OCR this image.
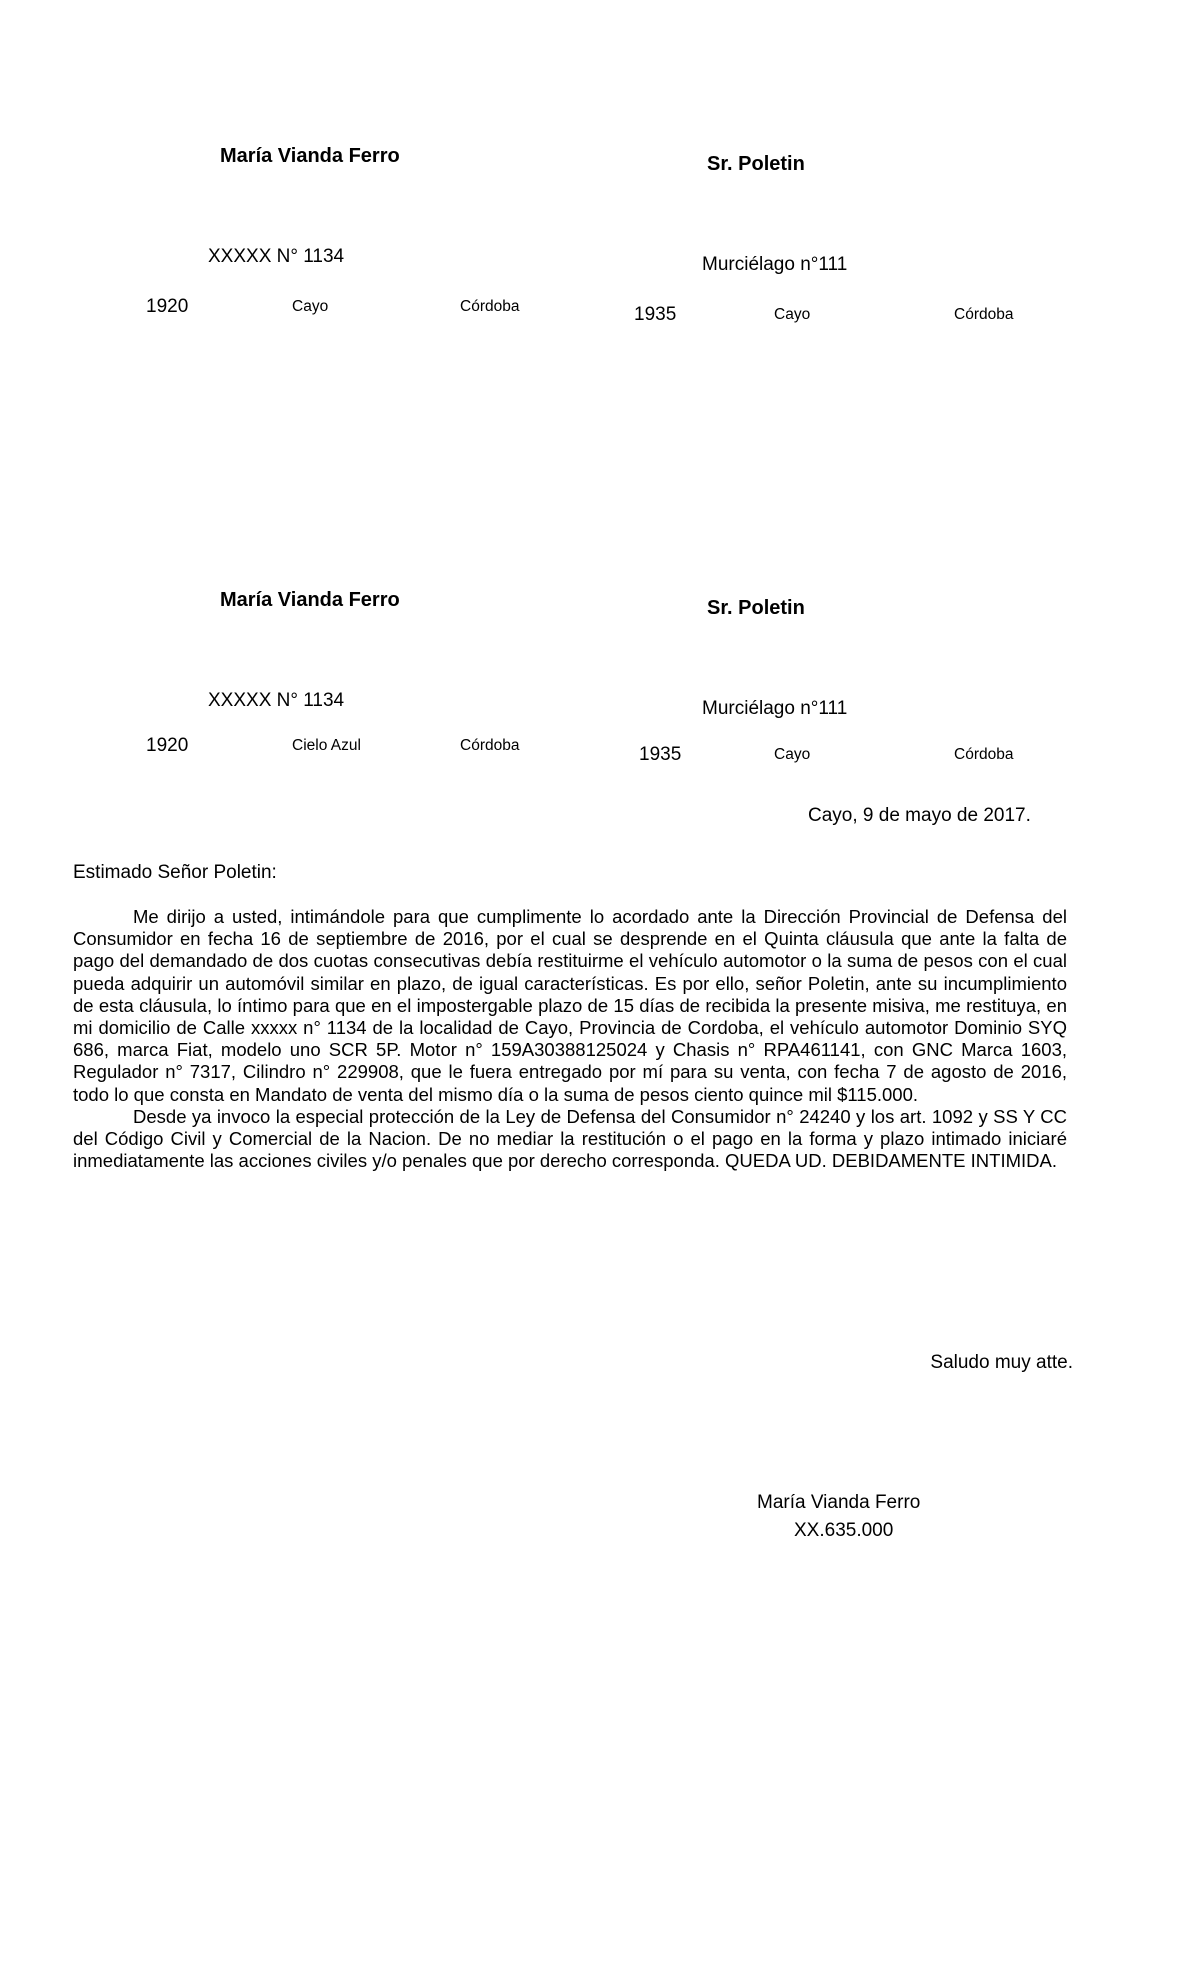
María Vianda Ferro
XXXXX N° 1134
1920	Cayo	Córdoba
Sr. Poletin
Murciélago n°111
1935	Cayo	Córdoba
María Vianda Ferro
XXXXX N° 1134
1920	Cielo Azul	Córdoba
Sr. Poletin
Murciélago n°111
1935	Cayo	Córdoba
Cayo, 9 de mayo de 2017.
Estimado Señor Poletin:

Me dirijo a usted, intimándole para que cumplimente lo acordado ante la Dirección Provincial de Defensa del Consumidor en fecha 16 de septiembre de 2016, por el cual se desprende en el Quinta cláusula que ante la falta de pago del demandado de dos cuotas consecutivas debía restituirme el vehículo automotor o la suma de pesos con el cual pueda adquirir un automóvil similar en plazo, de igual características. Es por ello, señor Poletin, ante su incumplimiento de esta cláusula, lo íntimo para que en el impostergable plazo de 15 días de recibida la presente misiva, me restituya, en mi domicilio de Calle xxxxx n° 1134 de la localidad de Cayo, Provincia de Cordoba, el vehículo automotor Dominio SYQ 686, marca Fiat, modelo uno SCR 5P. Motor n° 159A30388125024 y Chasis n° RPA461141, con GNC Marca 1603, Regulador n° 7317, Cilindro n° 229908, que le fuera entregado por mí para su venta, con fecha 7 de agosto de 2016, todo lo que consta en Mandato de venta del mismo día o la suma de pesos ciento quince mil $115.000.

Desde ya invoco la especial protección de la Ley de Defensa del Consumidor n° 24240 y los art. 1092 y SS Y CC del Código Civil y Comercial de la Nacion. De no mediar la restitución o el pago en la forma y plazo intimado iniciaré inmediatamente las acciones civiles y/o penales que por derecho corresponda. QUEDA UD. DEBIDAMENTE INTIMIDA.

Saludo muy atte.
María Vianda Ferro
XX.635.000
